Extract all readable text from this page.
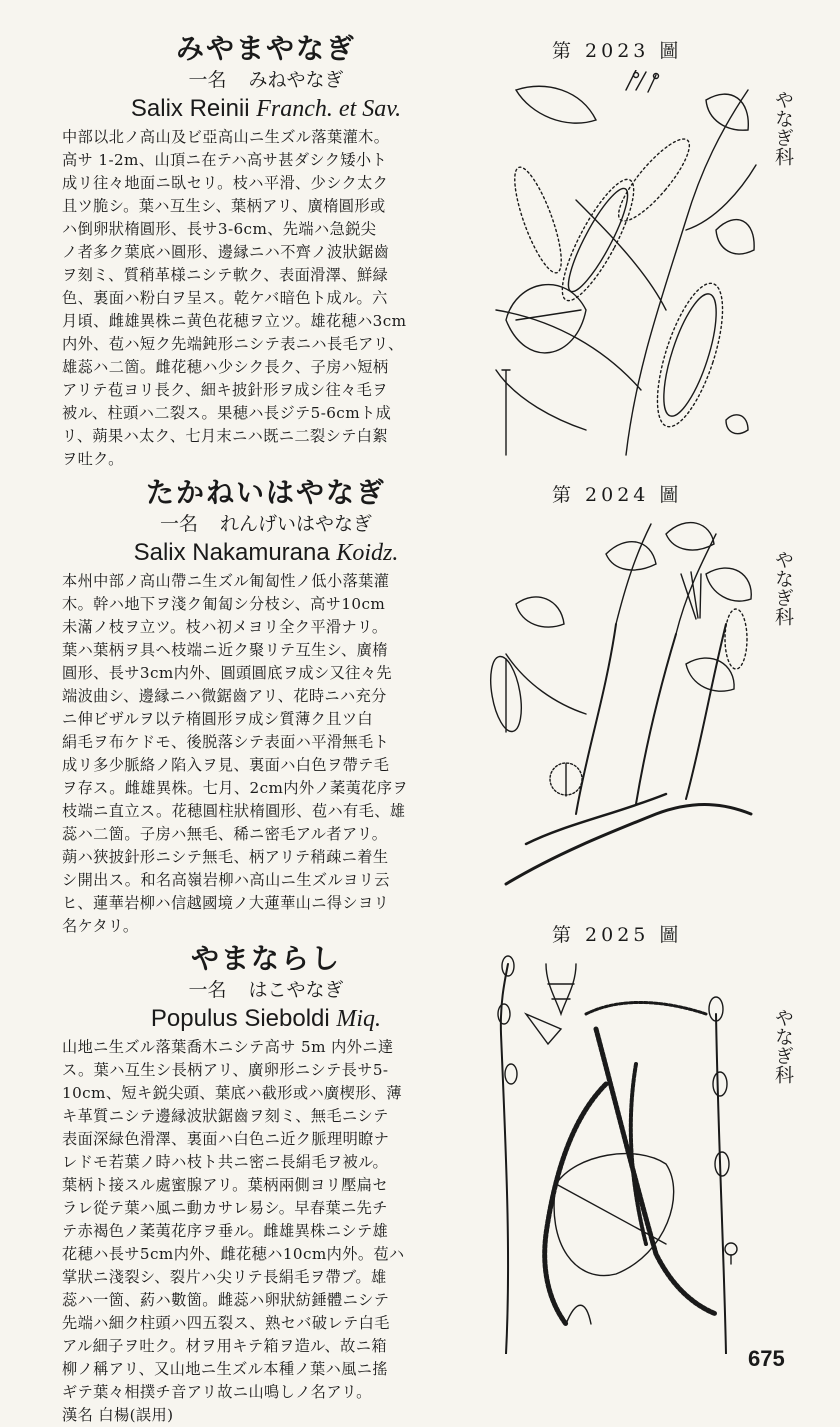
みやまやなぎ

一名 みねやなぎ

Salix Reinii Franch. et Sav.

中部以北ノ高山及ビ亞高山ニ生ズル落葉灌木。
高サ 1-2m、山頂ニ在テハ高サ甚ダシク矮小ト
成リ往々地面ニ臥セリ。枝ハ平滑、少シク太ク
且ツ脆シ。葉ハ互生シ、葉柄アリ、廣楕圓形或
ハ倒卵狀楕圓形、長サ3-6cm、先端ハ急鋭尖
ノ者多ク葉底ハ圓形、邊縁ニハ不齊ノ波狀鋸齒
ヲ刻ミ、質稍革様ニシテ軟ク、表面滑澤、鮮緑
色、裏面ハ粉白ヲ呈ス。乾ケバ暗色ト成ル。六
月頃、雌雄異株ニ黄色花穂ヲ立ツ。雄花穂ハ3cm
内外、苞ハ短ク先端鈍形ニシテ表ニハ長毛アリ、
雄蕊ハ二箇。雌花穂ハ少シク長ク、子房ハ短柄
アリテ苞ヨリ長ク、細キ披針形ヲ成シ往々毛ヲ
被ル、柱頭ハ二裂ス。果穂ハ長ジテ5-6cmト成
リ、蒴果ハ太ク、七月末ニハ既ニ二裂シテ白絮
ヲ吐ク。
第 2023 圖
やなぎ科
たかねいはやなぎ

一名 れんげいはやなぎ

Salix Nakamurana Koidz.

本州中部ノ高山帶ニ生ズル匍匐性ノ低小落葉灌
木。幹ハ地下ヲ淺ク匍匐シ分枝シ、高サ10cm
未滿ノ枝ヲ立ツ。枝ハ初メヨリ全ク平滑ナリ。
葉ハ葉柄ヲ具ヘ枝端ニ近ク聚リテ互生シ、廣楕
圓形、長サ3cm内外、圓頭圓底ヲ成シ又往々先
端波曲シ、邊縁ニハ微鋸齒アリ、花時ニハ充分
ニ伸ビザルヲ以テ楕圓形ヲ成シ質薄ク且ツ白
絹毛ヲ布ケドモ、後脱落シテ表面ハ平滑無毛ト
成リ多少脈絡ノ陷入ヲ見、裏面ハ白色ヲ帶テ毛
ヲ存ス。雌雄異株。七月、2cm内外ノ葇荑花序ヲ
枝端ニ直立ス。花穂圓柱狀楕圓形、苞ハ有毛、雄
蕊ハ二箇。子房ハ無毛、稀ニ密毛アル者アリ。
蒴ハ狹披針形ニシテ無毛、柄アリテ稍疎ニ着生
シ開出ス。和名高嶺岩柳ハ高山ニ生ズルヨリ云
ヒ、蓮華岩柳ハ信越國境ノ大蓮華山ニ得シヨリ
名ケタリ。
第 2024 圖
やなぎ科
やまならし

一名 はこやなぎ

Populus Sieboldi Miq.

山地ニ生ズル落葉喬木ニシテ高サ 5m 内外ニ達
ス。葉ハ互生シ長柄アリ、廣卵形ニシテ長サ5-
10cm、短キ鋭尖頭、葉底ハ截形或ハ廣楔形、薄
キ革質ニシテ邊縁波狀鋸齒ヲ刻ミ、無毛ニシテ
表面深緑色滑澤、裏面ハ白色ニ近ク脈理明瞭ナ
レドモ若葉ノ時ハ枝ト共ニ密ニ長絹毛ヲ被ル。
葉柄ト接スル處蜜腺アリ。葉柄兩側ヨリ壓扁セ
ラレ從テ葉ハ風ニ動カサレ易シ。早春葉ニ先チ
テ赤褐色ノ葇荑花序ヲ垂ル。雌雄異株ニシテ雄
花穂ハ長サ5cm内外、雌花穂ハ10cm内外。苞ハ
掌狀ニ淺裂シ、裂片ハ尖リテ長絹毛ヲ帶ブ。雄
蕊ハ一箇、葯ハ數箇。雌蕊ハ卵狀紡錘體ニシテ
先端ハ細ク柱頭ハ四五裂ス、熟セバ破レテ白毛
アル細子ヲ吐ク。材ヲ用キテ箱ヲ造ル、故ニ箱
柳ノ稱アリ、又山地ニ生ズル本種ノ葉ハ風ニ搖
ギテ葉々相撲チ音アリ故ニ山鳴しノ名アリ。
漢名 白楊(誤用)
第 2025 圖
やなぎ科
675
